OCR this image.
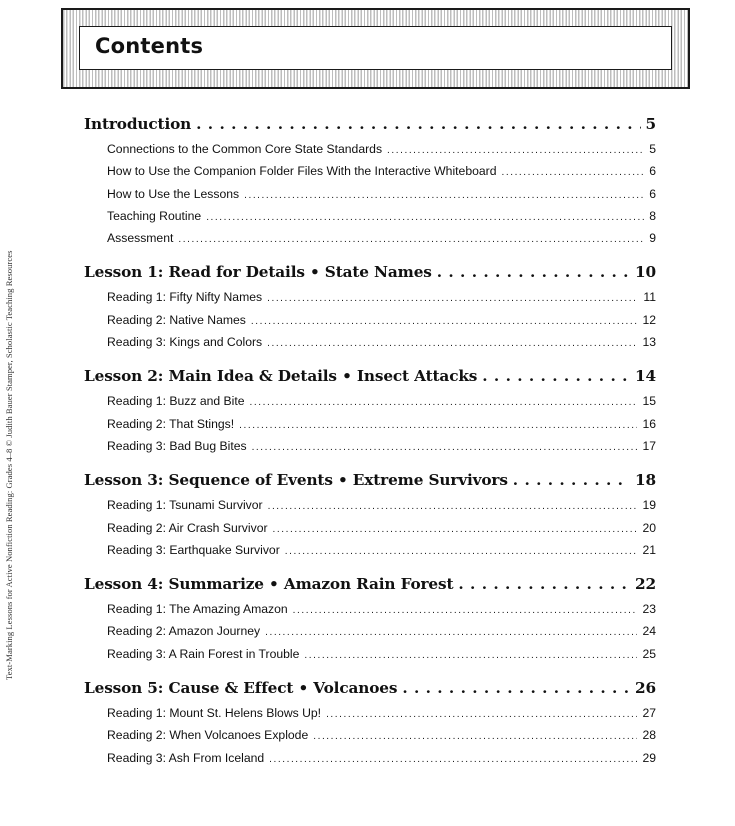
Text-Marking Lessons for Active Nonfiction Reading: Grades 4–8 © Judith Bauer Stamper, Scholastic Teaching Resources
Contents
Introduction . . .	5
Connections to the Common Core State Standards . . .	5
How to Use the Companion Folder Files With the Interactive Whiteboard . . .	6
How to Use the Lessons . . .	6
Teaching Routine . . .	8
Assessment . . .	9
Lesson 1: Read for Details • State Names . . .	10
Reading 1: Fifty Nifty Names . . .	11
Reading 2: Native Names . . .	12
Reading 3: Kings and Colors . . .	13
Lesson 2: Main Idea & Details • Insect Attacks . . .	14
Reading 1: Buzz and Bite . . .	15
Reading 2: That Stings! . . .	16
Reading 3: Bad Bug Bites . . .	17
Lesson 3: Sequence of Events • Extreme Survivors . . .	18
Reading 1: Tsunami Survivor . . .	19
Reading 2: Air Crash Survivor . . .	20
Reading 3: Earthquake Survivor . . .	21
Lesson 4: Summarize • Amazon Rain Forest . . .	22
Reading 1: The Amazing Amazon . . .	23
Reading 2: Amazon Journey . . .	24
Reading 3: A Rain Forest in Trouble . . .	25
Lesson 5: Cause & Effect • Volcanoes . . .	26
Reading 1: Mount St. Helens Blows Up! . . .	27
Reading 2: When Volcanoes Explode . . .	28
Reading 3: Ash From Iceland . . .	29
